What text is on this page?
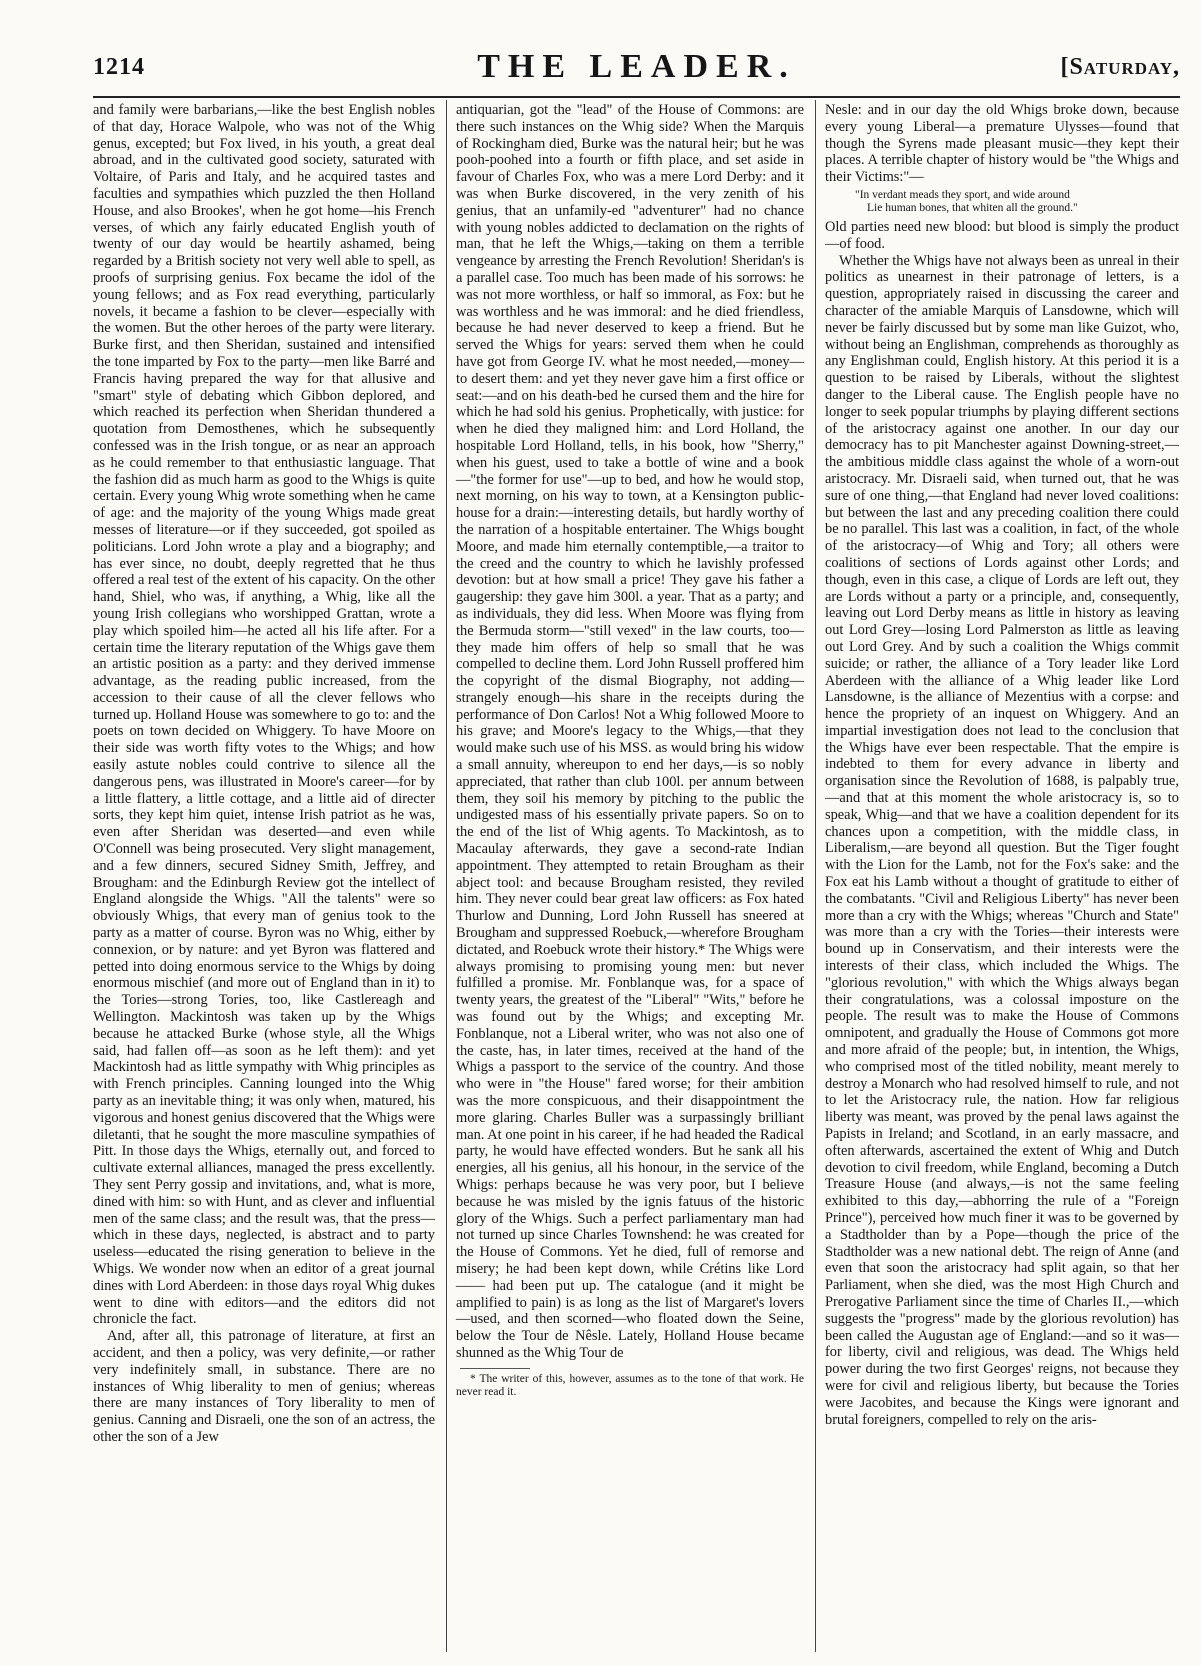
1214	THE LEADER.	[Saturday,

and family were barbarians,—like the best English nobles of that day, Horace Walpole, who was not of the Whig genus, excepted; but Fox lived, in his youth, a great deal abroad, and in the cultivated good society, saturated with Voltaire, of Paris and Italy, and he acquired tastes and faculties and sympathies which puzzled the then Holland House, and also Brookes', when he got home—his French verses, of which any fairly educated English youth of twenty of our day would be heartily ashamed, being regarded by a British society not very well able to spell, as proofs of surprising genius. Fox became the idol of the young fellows; and as Fox read everything, particularly novels, it became a fashion to be clever—especially with the women. But the other heroes of the party were literary. Burke first, and then Sheridan, sustained and intensified the tone imparted by Fox to the party—men like Barré and Francis having prepared the way for that allusive and "smart" style of debating which Gibbon deplored, and which reached its perfection when Sheridan thundered a quotation from Demosthenes, which he subsequently confessed was in the Irish tongue, or as near an approach as he could remember to that enthusiastic language. That the fashion did as much harm as good to the Whigs is quite certain. Every young Whig wrote something when he came of age: and the majority of the young Whigs made great messes of literature—or if they succeeded, got spoiled as politicians. Lord John wrote a play and a biography; and has ever since, no doubt, deeply regretted that he thus offered a real test of the extent of his capacity. On the other hand, Shiel, who was, if anything, a Whig, like all the young Irish collegians who worshipped Grattan, wrote a play which spoiled him—he acted all his life after. For a certain time the literary reputation of the Whigs gave them an artistic position as a party: and they derived immense advantage, as the reading public increased, from the accession to their cause of all the clever fellows who turned up. Holland House was somewhere to go to: and the poets on town decided on Whiggery. To have Moore on their side was worth fifty votes to the Whigs; and how easily astute nobles could contrive to silence all the dangerous pens, was illustrated in Moore's career—for by a little flattery, a little cottage, and a little aid of directer sorts, they kept him quiet, intense Irish patriot as he was, even after Sheridan was deserted—and even while O'Connell was being prosecuted. Very slight management, and a few dinners, secured Sidney Smith, Jeffrey, and Brougham: and the Edinburgh Review got the intellect of England alongside the Whigs. "All the talents" were so obviously Whigs, that every man of genius took to the party as a matter of course. Byron was no Whig, either by connexion, or by nature: and yet Byron was flattered and petted into doing enormous service to the Whigs by doing enormous mischief (and more out of England than in it) to the Tories—strong Tories, too, like Castlereagh and Wellington. Mackintosh was taken up by the Whigs because he attacked Burke (whose style, all the Whigs said, had fallen off—as soon as he left them): and yet Mackintosh had as little sympathy with Whig principles as with French principles. Canning lounged into the Whig party as an inevitable thing; it was only when, matured, his vigorous and honest genius discovered that the Whigs were diletanti, that he sought the more masculine sympathies of Pitt. In those days the Whigs, eternally out, and forced to cultivate external alliances, managed the press excellently. They sent Perry gossip and invitations, and, what is more, dined with him: so with Hunt, and as clever and influential men of the same class; and the result was, that the press—which in these days, neglected, is abstract and to party useless—educated the rising generation to believe in the Whigs. We wonder now when an editor of a great journal dines with Lord Aberdeen: in those days royal Whig dukes went to dine with editors—and the editors did not chronicle the fact.

And, after all, this patronage of literature, at first an accident, and then a policy, was very definite,—or rather very indefinitely small, in substance. There are no instances of Whig liberality to men of genius; whereas there are many instances of Tory liberality to men of genius. Canning and Disraeli, one the son of an actress, the other the son of a Jew

antiquarian, got the "lead" of the House of Commons: are there such instances on the Whig side? When the Marquis of Rockingham died, Burke was the natural heir; but he was pooh-poohed into a fourth or fifth place, and set aside in favour of Charles Fox, who was a mere Lord Derby: and it was when Burke discovered, in the very zenith of his genius, that an unfamily-ed "adventurer" had no chance with young nobles addicted to declamation on the rights of man, that he left the Whigs,—taking on them a terrible vengeance by arresting the French Revolution! Sheridan's is a parallel case. Too much has been made of his sorrows: he was not more worthless, or half so immoral, as Fox: but he was worthless and he was immoral: and he died friendless, because he had never deserved to keep a friend. But he served the Whigs for years: served them when he could have got from George IV. what he most needed,—money—to desert them: and yet they never gave him a first office or seat:—and on his death-bed he cursed them and the hire for which he had sold his genius. Prophetically, with justice: for when he died they maligned him: and Lord Holland, the hospitable Lord Holland, tells, in his book, how "Sherry," when his guest, used to take a bottle of wine and a book—"the former for use"—up to bed, and how he would stop, next morning, on his way to town, at a Kensington public-house for a drain:—interesting details, but hardly worthy of the narration of a hospitable entertainer. The Whigs bought Moore, and made him eternally contemptible,—a traitor to the creed and the country to which he lavishly professed devotion: but at how small a price! They gave his father a gaugership: they gave him 300l. a year. That as a party; and as individuals, they did less. When Moore was flying from the Bermuda storm—"still vexed" in the law courts, too—they made him offers of help so small that he was compelled to decline them. Lord John Russell proffered him the copyright of the dismal Biography, not adding—strangely enough—his share in the receipts during the performance of Don Carlos! Not a Whig followed Moore to his grave; and Moore's legacy to the Whigs,—that they would make such use of his MSS. as would bring his widow a small annuity, whereupon to end her days,—is so nobly appreciated, that rather than club 100l. per annum between them, they soil his memory by pitching to the public the undigested mass of his essentially private papers. So on to the end of the list of Whig agents. To Mackintosh, as to Macaulay afterwards, they gave a second-rate Indian appointment. They attempted to retain Brougham as their abject tool: and because Brougham resisted, they reviled him. They never could bear great law officers: as Fox hated Thurlow and Dunning, Lord John Russell has sneered at Brougham and suppressed Roebuck,—wherefore Brougham dictated, and Roebuck wrote their history.* The Whigs were always promising to promising young men: but never fulfilled a promise. Mr. Fonblanque was, for a space of twenty years, the greatest of the "Liberal" "Wits," before he was found out by the Whigs; and excepting Mr. Fonblanque, not a Liberal writer, who was not also one of the caste, has, in later times, received at the hand of the Whigs a passport to the service of the country. And those who were in "the House" fared worse; for their ambition was the more conspicuous, and their disappointment the more glaring. Charles Buller was a surpassingly brilliant man. At one point in his career, if he had headed the Radical party, he would have effected wonders. But he sank all his energies, all his genius, all his honour, in the service of the Whigs: perhaps because he was very poor, but I believe because he was misled by the ignis fatuus of the historic glory of the Whigs. Such a perfect parliamentary man had not turned up since Charles Townshend: he was created for the House of Commons. Yet he died, full of remorse and misery; he had been kept down, while Crétins like Lord —— had been put up. The catalogue (and it might be amplified to pain) is as long as the list of Margaret's lovers—used, and then scorned—who floated down the Seine, below the Tour de Nêsle. Lately, Holland House became shunned as the Whig Tour de

* The writer of this, however, assumes as to the tone of that work. He never read it.

Nesle: and in our day the old Whigs broke down, because every young Liberal—a premature Ulysses—found that though the Syrens made pleasant music—they kept their places. A terrible chapter of history would be "the Whigs and their Victims:"—

"In verdant meads they sport, and wide around
Lie human bones, that whiten all the ground."

Old parties need new blood: but blood is simply the product—of food.

Whether the Whigs have not always been as unreal in their politics as unearnest in their patronage of letters, is a question, appropriately raised in discussing the career and character of the amiable Marquis of Lansdowne, which will never be fairly discussed but by some man like Guizot, who, without being an Englishman, comprehends as thoroughly as any Englishman could, English history. At this period it is a question to be raised by Liberals, without the slightest danger to the Liberal cause. The English people have no longer to seek popular triumphs by playing different sections of the aristocracy against one another. In our day our democracy has to pit Manchester against Downing-street,—the ambitious middle class against the whole of a worn-out aristocracy. Mr. Disraeli said, when turned out, that he was sure of one thing,—that England had never loved coalitions: but between the last and any preceding coalition there could be no parallel. This last was a coalition, in fact, of the whole of the aristocracy—of Whig and Tory; all others were coalitions of sections of Lords against other Lords; and though, even in this case, a clique of Lords are left out, they are Lords without a party or a principle, and, consequently, leaving out Lord Derby means as little in history as leaving out Lord Grey—losing Lord Palmerston as little as leaving out Lord Grey. And by such a coalition the Whigs commit suicide; or rather, the alliance of a Tory leader like Lord Aberdeen with the alliance of a Whig leader like Lord Lansdowne, is the alliance of Mezentius with a corpse: and hence the propriety of an inquest on Whiggery. And an impartial investigation does not lead to the conclusion that the Whigs have ever been respectable. That the empire is indebted to them for every advance in liberty and organisation since the Revolution of 1688, is palpably true,—and that at this moment the whole aristocracy is, so to speak, Whig—and that we have a coalition dependent for its chances upon a competition, with the middle class, in Liberalism,—are beyond all question. But the Tiger fought with the Lion for the Lamb, not for the Fox's sake: and the Fox eat his Lamb without a thought of gratitude to either of the combatants. "Civil and Religious Liberty" has never been more than a cry with the Whigs; whereas "Church and State" was more than a cry with the Tories—their interests were bound up in Conservatism, and their interests were the interests of their class, which included the Whigs. The "glorious revolution," with which the Whigs always began their congratulations, was a colossal imposture on the people. The result was to make the House of Commons omnipotent, and gradually the House of Commons got more and more afraid of the people; but, in intention, the Whigs, who comprised most of the titled nobility, meant merely to destroy a Monarch who had resolved himself to rule, and not to let the Aristocracy rule, the nation. How far religious liberty was meant, was proved by the penal laws against the Papists in Ireland; and Scotland, in an early massacre, and often afterwards, ascertained the extent of Whig and Dutch devotion to civil freedom, while England, becoming a Dutch Treasure House (and always,—is not the same feeling exhibited to this day,—abhorring the rule of a "Foreign Prince"), perceived how much finer it was to be governed by a Stadtholder than by a Pope—though the price of the Stadtholder was a new national debt. The reign of Anne (and even that soon the aristocracy had split again, so that her Parliament, when she died, was the most High Church and Prerogative Parliament since the time of Charles II.,—which suggests the "progress" made by the glorious revolution) has been called the Augustan age of England:—and so it was—for liberty, civil and religious, was dead. The Whigs held power during the two first Georges' reigns, not because they were for civil and religious liberty, but because the Tories were Jacobites, and because the Kings were ignorant and brutal foreigners, compelled to rely on the aris-
